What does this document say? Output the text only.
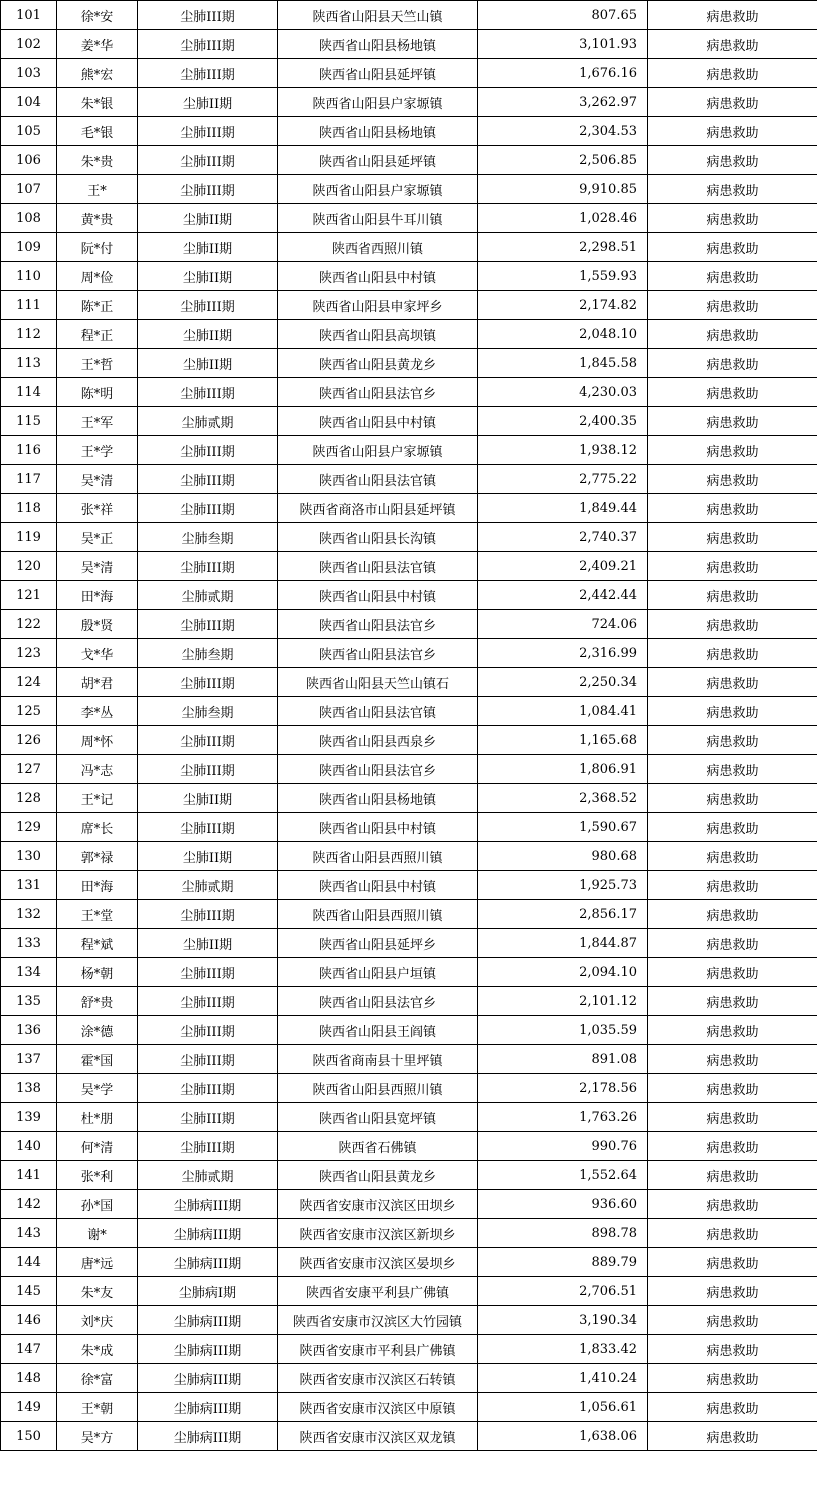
101	徐*安	尘肺III期	陕西省山阳县天竺山镇	807.65	病患救助
102	姜*华	尘肺III期	陕西省山阳县杨地镇	3,101.93	病患救助
103	熊*宏	尘肺III期	陕西省山阳县延坪镇	1,676.16	病患救助
104	朱*银	尘肺II期	陕西省山阳县户家塬镇	3,262.97	病患救助
105	毛*银	尘肺III期	陕西省山阳县杨地镇	2,304.53	病患救助
106	朱*贵	尘肺III期	陕西省山阳县延坪镇	2,506.85	病患救助
107	王*	尘肺III期	陕西省山阳县户家塬镇	9,910.85	病患救助
108	黄*贵	尘肺II期	陕西省山阳县牛耳川镇	1,028.46	病患救助
109	阮*付	尘肺II期	陕西省西照川镇	2,298.51	病患救助
110	周*俭	尘肺II期	陕西省山阳县中村镇	1,559.93	病患救助
111	陈*正	尘肺III期	陕西省山阳县申家坪乡	2,174.82	病患救助
112	程*正	尘肺II期	陕西省山阳县高坝镇	2,048.10	病患救助
113	王*哲	尘肺II期	陕西省山阳县黄龙乡	1,845.58	病患救助
114	陈*明	尘肺III期	陕西省山阳县法官乡	4,230.03	病患救助
115	王*军	尘肺贰期	陕西省山阳县中村镇	2,400.35	病患救助
116	王*学	尘肺III期	陕西省山阳县户家塬镇	1,938.12	病患救助
117	吴*清	尘肺III期	陕西省山阳县法官镇	2,775.22	病患救助
118	张*祥	尘肺III期	陕西省商洛市山阳县延坪镇	1,849.44	病患救助
119	吴*正	尘肺叁期	陕西省山阳县长沟镇	2,740.37	病患救助
120	吴*清	尘肺III期	陕西省山阳县法官镇	2,409.21	病患救助
121	田*海	尘肺贰期	陕西省山阳县中村镇	2,442.44	病患救助
122	殷*贤	尘肺III期	陕西省山阳县法官乡	724.06	病患救助
123	戈*华	尘肺叁期	陕西省山阳县法官乡	2,316.99	病患救助
124	胡*君	尘肺III期	陕西省山阳县天竺山镇石	2,250.34	病患救助
125	李*丛	尘肺叁期	陕西省山阳县法官镇	1,084.41	病患救助
126	周*怀	尘肺III期	陕西省山阳县西泉乡	1,165.68	病患救助
127	冯*志	尘肺III期	陕西省山阳县法官乡	1,806.91	病患救助
128	王*记	尘肺II期	陕西省山阳县杨地镇	2,368.52	病患救助
129	席*长	尘肺III期	陕西省山阳县中村镇	1,590.67	病患救助
130	郭*禄	尘肺II期	陕西省山阳县西照川镇	980.68	病患救助
131	田*海	尘肺贰期	陕西省山阳县中村镇	1,925.73	病患救助
132	王*堂	尘肺III期	陕西省山阳县西照川镇	2,856.17	病患救助
133	程*斌	尘肺II期	陕西省山阳县延坪乡	1,844.87	病患救助
134	杨*朝	尘肺III期	陕西省山阳县户垣镇	2,094.10	病患救助
135	舒*贵	尘肺III期	陕西省山阳县法官乡	2,101.12	病患救助
136	涂*德	尘肺III期	陕西省山阳县王阎镇	1,035.59	病患救助
137	霍*国	尘肺III期	陕西省商南县十里坪镇	891.08	病患救助
138	吴*学	尘肺III期	陕西省山阳县西照川镇	2,178.56	病患救助
139	杜*朋	尘肺III期	陕西省山阳县宽坪镇	1,763.26	病患救助
140	何*清	尘肺III期	陕西省石佛镇	990.76	病患救助
141	张*利	尘肺贰期	陕西省山阳县黄龙乡	1,552.64	病患救助
142	孙*国	尘肺病III期	陕西省安康市汉滨区田坝乡	936.60	病患救助
143	谢*	尘肺病III期	陕西省安康市汉滨区新坝乡	898.78	病患救助
144	唐*远	尘肺病III期	陕西省安康市汉滨区晏坝乡	889.79	病患救助
145	朱*友	尘肺病I期	陕西省安康平利县广佛镇	2,706.51	病患救助
146	刘*庆	尘肺病III期	陕西省安康市汉滨区大竹园镇	3,190.34	病患救助
147	朱*成	尘肺病III期	陕西省安康市平利县广佛镇	1,833.42	病患救助
148	徐*富	尘肺病III期	陕西省安康市汉滨区石转镇	1,410.24	病患救助
149	王*朝	尘肺病III期	陕西省安康市汉滨区中原镇	1,056.61	病患救助
150	吴*方	尘肺病III期	陕西省安康市汉滨区双龙镇	1,638.06	病患救助
